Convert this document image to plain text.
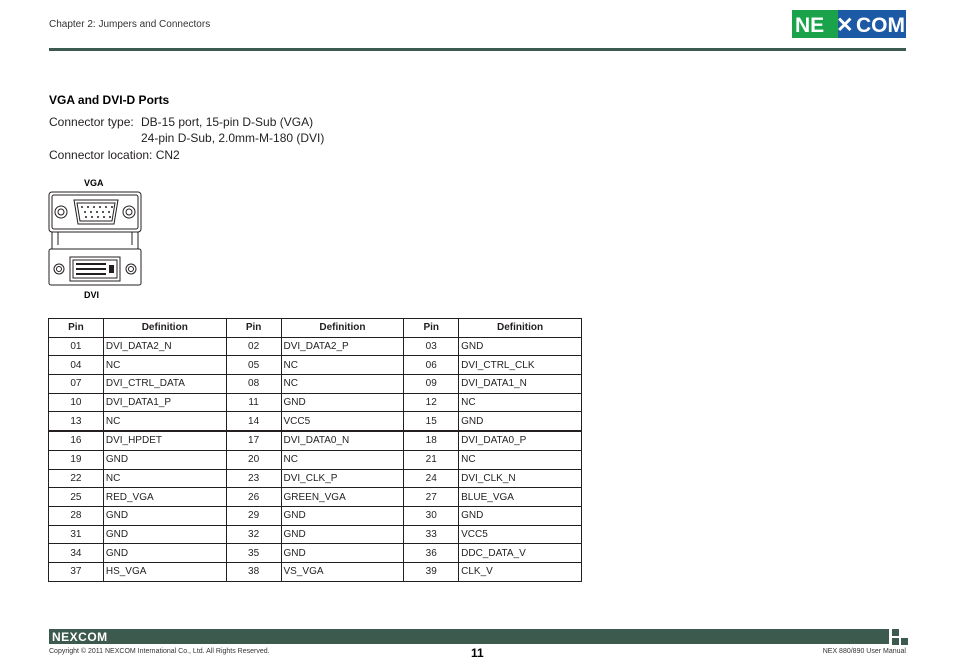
Chapter 2: Jumpers and Connectors	NE ✕ COM
VGA and DVI-D Ports
Connector type: DB-15 port, 15-pin D-Sub (VGA)
24-pin D-Sub, 2.0mm-M-180 (DVI)
Connector location: CN2
VGA
DVI
Pin	Definition	Pin	Definition	Pin	Definition
01	DVI_DATA2_N	02	DVI_DATA2_P	03	GND
04	NC	05	NC	06	DVI_CTRL_CLK
07	DVI_CTRL_DATA	08	NC	09	DVI_DATA1_N
10	DVI_DATA1_P	11	GND	12	NC
13	NC	14	VCC5	15	GND
16	DVI_HPDET	17	DVI_DATA0_N	18	DVI_DATA0_P
19	GND	20	NC	21	NC
22	NC	23	DVI_CLK_P	24	DVI_CLK_N
25	RED_VGA	26	GREEN_VGA	27	BLUE_VGA
28	GND	29	GND	30	GND
31	GND	32	GND	33	VCC5
34	GND	35	GND	36	DDC_DATA_V
37	HS_VGA	38	VS_VGA	39	CLK_V
NEXCOM
Copyright © 2011 NEXCOM International Co., Ltd. All Rights Reserved.	11	NEX 880/890 User Manual
